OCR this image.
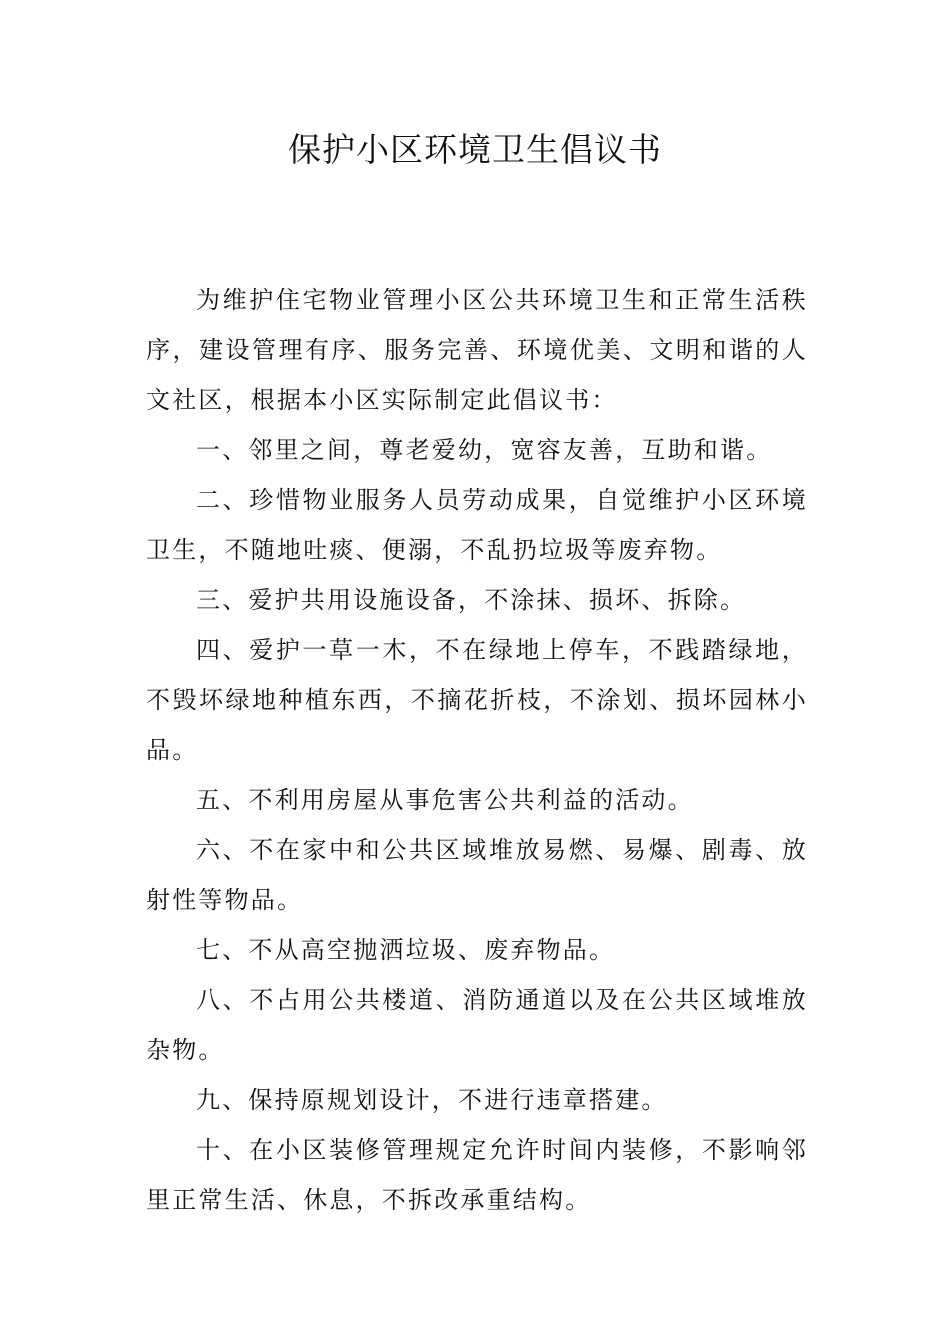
保护小区环境卫生倡议书

为维护住宅物业管理小区公共环境卫生和正常生活秩序，建设管理有序、服务完善、环境优美、文明和谐的人文社区，根据本小区实际制定此倡议书：

一、邻里之间，尊老爱幼，宽容友善，互助和谐。

二、珍惜物业服务人员劳动成果，自觉维护小区环境卫生，不随地吐痰、便溺，不乱扔垃圾等废弃物。

三、爱护共用设施设备，不涂抹、损坏、拆除。

四、爱护一草一木，不在绿地上停车，不践踏绿地，不毁坏绿地种植东西，不摘花折枝，不涂划、损坏园林小品。

五、不利用房屋从事危害公共利益的活动。

六、不在家中和公共区域堆放易燃、易爆、剧毒、放射性等物品。

七、不从高空抛洒垃圾、废弃物品。

八、不占用公共楼道、消防通道以及在公共区域堆放杂物。

九、保持原规划设计，不进行违章搭建。

十、在小区装修管理规定允许时间内装修，不影响邻里正常生活、休息，不拆改承重结构。
